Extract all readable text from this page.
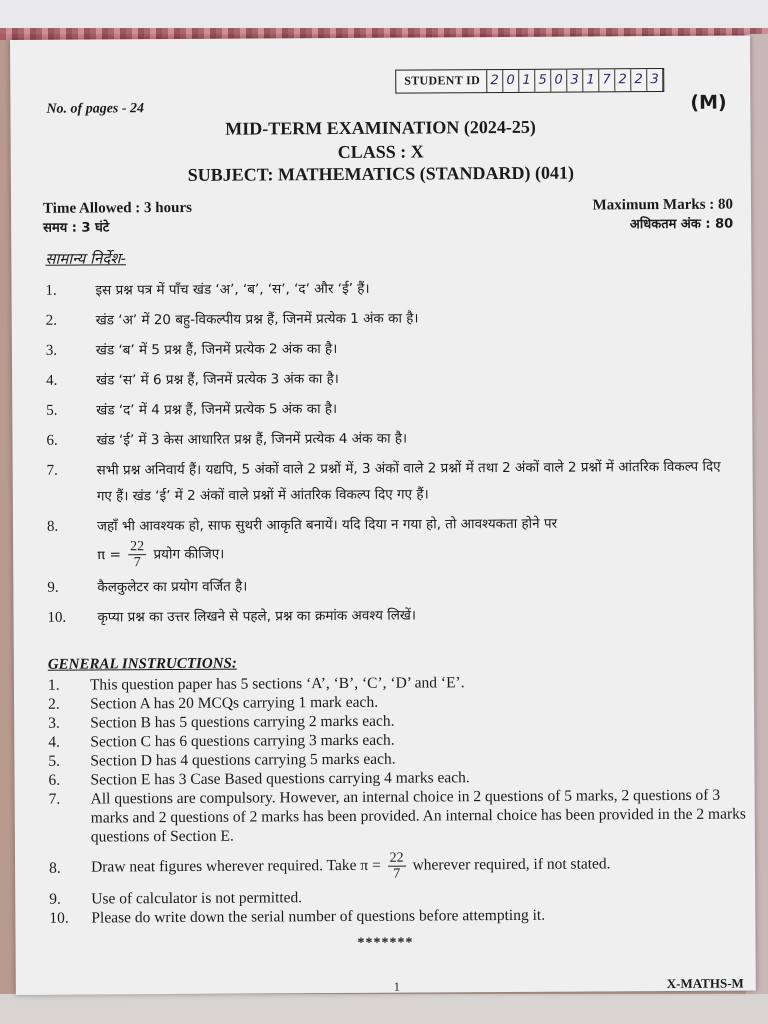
STUDENT ID 2 0 1 5 0 3 1 7 2 2 3
No. of pages - 24	(M)
MID-TERM EXAMINATION (2024-25)
CLASS : X
SUBJECT: MATHEMATICS (STANDARD) (041)
Time Allowed : 3 hours
समय : 3 घंटे
Maximum Marks : 80
अधिकतम अंक : 80
सामान्य निर्देश-
1.	इस प्रश्न पत्र में पाँच खंड ‘अ’, ‘ब’, ‘स’, ‘द’ और ‘ई’ हैं।
2.	खंड ‘अ’ में 20 बहु-विकल्पीय प्रश्न हैं, जिनमें प्रत्येक 1 अंक का है।
3.	खंड ‘ब’ में 5 प्रश्न हैं, जिनमें प्रत्येक 2 अंक का है।
4.	खंड ‘स’ में 6 प्रश्न हैं, जिनमें प्रत्येक 3 अंक का है।
5.	खंड ‘द’ में 4 प्रश्न हैं, जिनमें प्रत्येक 5 अंक का है।
6.	खंड ‘ई’ में 3 केस आधारित प्रश्न हैं, जिनमें प्रत्येक 4 अंक का है।
7.	सभी प्रश्न अनिवार्य हैं। यद्यपि, 5 अंकों वाले 2 प्रश्नों में, 3 अंकों वाले 2 प्रश्नों में तथा 2 अंकों वाले 2 प्रश्नों में आंतरिक विकल्प दिए गए हैं। खंड ‘ई’ में 2 अंकों वाले प्रश्नों में आंतरिक विकल्प दिए गए हैं।
8.	जहाँ भी आवश्यक हो, साफ सुथरी आकृति बनायें। यदि दिया न गया हो, तो आवश्यकता होने पर
$\pi = \frac{22}{7}$ प्रयोग कीजिए।
9.	कैलकुलेटर का प्रयोग वर्जित है।
10.	कृप्या प्रश्न का उत्तर लिखने से पहले, प्रश्न का क्रमांक अवश्य लिखें।
GENERAL INSTRUCTIONS:
1.	This question paper has 5 sections ‘A’, ‘B’, ‘C’, ‘D’ and ‘E’.
2.	Section A has 20 MCQs carrying 1 mark each.
3.	Section B has 5 questions carrying 2 marks each.
4.	Section C has 6 questions carrying 3 marks each.
5.	Section D has 4 questions carrying 5 marks each.
6.	Section E has 3 Case Based questions carrying 4 marks each.
7.	All questions are compulsory. However, an internal choice in 2 questions of 5 marks, 2 questions of 3 marks and 2 questions of 2 marks has been provided. An internal choice has been provided in the 2 marks questions of Section E.
8.	Draw neat figures wherever required. Take $\pi = \frac{22}{7}$ wherever required, if not stated.
9.	Use of calculator is not permitted.
10.	Please do write down the serial number of questions before attempting it.
*******
1	X-MATHS-M
